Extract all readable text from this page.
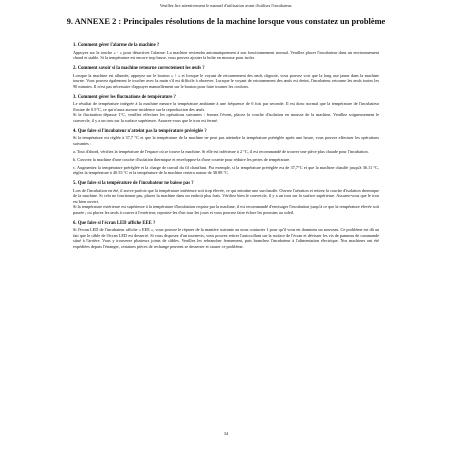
Veuillez lire attentivement le manuel d'utilisation avant d'utiliser l'incubateur.
9. ANNEXE 2 : Principales résolutions de la machine lorsque vous constatez un problème
1. Comment gérer l'alarme de la machine ?

Appuyez sur la touche « - » pour désactiver l'alarme. La machine reviendra automatiquement à son fonctionnement normal. Veuillez placer l'incubateur dans un environnement chaud et stable. Si la température est encore trop basse, vous pouvez ajouter la boîte en mousse pour isoler.

2. Comment savoir si la machine retourne correctement les œufs ?

Lorsque la machine est allumée, appuyez sur le bouton « ↑ » et lorsque le voyant de retournement des œufs clignote, vous pouvez voir que la long axe jaune dans la machine tourne. Vous pouvez également le toucher avec la main s'il est difficile à observer. Lorsque le voyant de retournement des œufs est éteint, l'incubateur retourne les œufs toutes les 90 minutes. Il n'est pas nécessaire d'appuyer manuellement sur le bouton pour faire tourner les couloirs.

3. Comment gérer les fluctuations de température ?

Le résultat de température intégrée à la machine mesure la température ambiante à une fréquence de 6 fois par seconde. Il est donc normal que la température de l'incubateur fluctue de 0.5°C, ce qui n'aura aucune incidence sur la reproduction des œufs.

Si la fluctuation dépasse 1°C, veuillez effectuer les opérations suivantes : fermez l'évent, placez la couche d'isolation en mousse de la machine. Veuillez soigneusement le couvercle, il y a un trou sur la surface supérieure. Assurez-vous que le trou est fermé.

4. Que faire si l'incubateur n'atteint pas la température préréglée ?

Si la température est réglée à 37,7 °C et que la température de la machine ne peut pas atteindre la température préréglée après une heure, vous pouvez effectuer les opérations suivantes :

a. Tout d'abord, vérifiez la température de l'espace où se trouve la machine. Si elle est inférieure à 2 °C, il est recommandé de trouver une pièce plus chaude pour l'incubation.

b. Couvrez la machine d'une couche d'isolation thermique et enveloppez-la d'une couette pour réduire les pertes de température.

c. Augmentez la température préréglée et la charge de travail du fil chauffant. Par exemple, si la température préréglée est de 37,7°C et que la machine chauffe jusqu'à 36.11 °C, réglez la température à 40.55 °C et la température de la machine restera autour de 38.88 °C.

5. Que faire si la température de l'incubateur ne baisse pas ?

Lors de l'incubation en été, il arrive parfois que la température intérieure soit trop élevée, ce qui entraîne une surchauffe. Ouvrez l'aération et retirez la couche d'isolation thermique de la machine. Si cela ne fonctionne pas, placez la machine dans un endroit plus frais. Vérifiez bien le couvercle, il y a un trou sur la surface supérieure. Assurez-vous que le trou est bien ouvert.

Si la température extérieure est supérieure à la température d'incubation requise par la machine, il est recommandé d'envisager l'incubation jusqu'à ce que la température élevée soit passée ; ou placez les œufs à couver à l'extérieur, reportez-les d'un tour les jours et vous pourrez faire éclore les poussins au soleil.

6. Que faire si l'écran LED affiche EEE ?

Si l'écran LED de l'incubateur affiche « EEE », vous pouvez le réparer de la manière suivante au nous contacter 1 pour qu'il vous en donnions un nouveau. Ce problème est dû au fait que le câble de l'écran LED est desserré. Si vous disposez d'un tournevis, vous pouvez retirer l'autocollant sur la surface de l'écran et dévisser les vis de panneau de commande situé à l'arrière. Vous y trouverez plusieurs joints de câbles. Veuillez les rebrancher fermement, puis branchez l'incubateur à l'alimentation électrique. Nos machines ont été expédiées depuis l'étranger, certaines pièces de rechange peuvent se desserrer et causer ce problème.

34
